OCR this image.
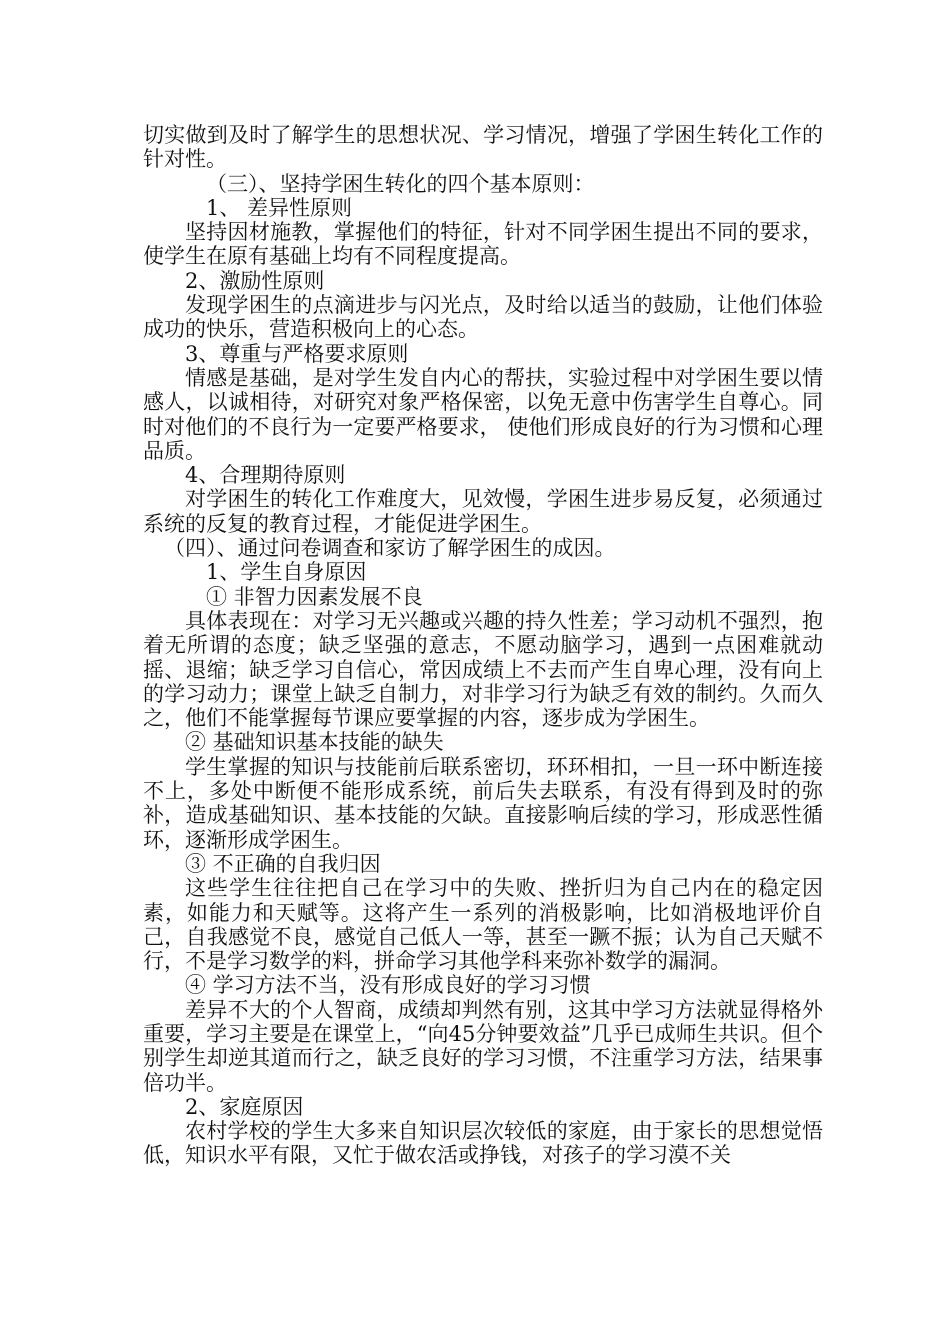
切实做到及时了解学生的思想状况、学习情况，增强了学困生转化工作的针对性。

（三）、坚持学困生转化的四个基本原则：

1、 差异性原则

坚持因材施教，掌握他们的特征，针对不同学困生提出不同的要求，使学生在原有基础上均有不同程度提高。

2、激励性原则

发现学困生的点滴进步与闪光点，及时给以适当的鼓励，让他们体验成功的快乐，营造积极向上的心态。

3、尊重与严格要求原则

情感是基础，是对学生发自内心的帮扶，实验过程中对学困生要以情感人，以诚相待，对研究对象严格保密，以免无意中伤害学生自尊心。同时对他们的不良行为一定要严格要求， 使他们形成良好的行为习惯和心理品质。

4、合理期待原则

对学困生的转化工作难度大，见效慢，学困生进步易反复，必须通过系统的反复的教育过程，才能促进学困生。

（四）、通过问卷调查和家访了解学困生的成因。

1、学生自身原因

① 非智力因素发展不良

具体表现在：对学习无兴趣或兴趣的持久性差；学习动机不强烈，抱着无所谓的态度；缺乏坚强的意志，不愿动脑学习，遇到一点困难就动摇、退缩；缺乏学习自信心，常因成绩上不去而产生自卑心理，没有向上的学习动力；课堂上缺乏自制力，对非学习行为缺乏有效的制约。久而久之，他们不能掌握每节课应要掌握的内容，逐步成为学困生。

② 基础知识基本技能的缺失

学生掌握的知识与技能前后联系密切，环环相扣，一旦一环中断连接不上，多处中断便不能形成系统，前后失去联系，有没有得到及时的弥补，造成基础知识、基本技能的欠缺。直接影响后续的学习，形成恶性循环，逐渐形成学困生。

③ 不正确的自我归因

这些学生往往把自己在学习中的失败、挫折归为自己内在的稳定因素，如能力和天赋等。这将产生一系列的消极影响，比如消极地评价自己，自我感觉不良，感觉自己低人一等，甚至一蹶不振；认为自己天赋不行，不是学习数学的料，拼命学习其他学科来弥补数学的漏洞。

④ 学习方法不当，没有形成良好的学习习惯

差异不大的个人智商，成绩却判然有别，这其中学习方法就显得格外重要，学习主要是在课堂上，“向45分钟要效益”几乎已成师生共识。但个别学生却逆其道而行之，缺乏良好的学习习惯，不注重学习方法，结果事倍功半。

2、家庭原因

农村学校的学生大多来自知识层次较低的家庭，由于家长的思想觉悟低，知识水平有限，又忙于做农活或挣钱，对孩子的学习漠不关
